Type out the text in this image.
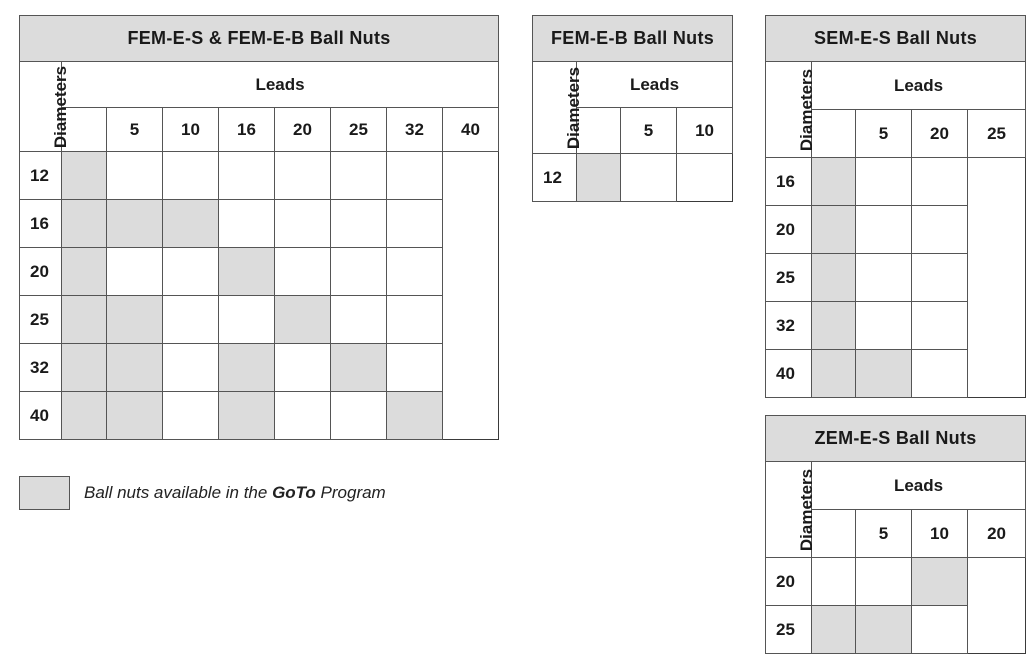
FEM-E-S & FEM-E-B Ball Nuts								
Diameters	Leads							
		5	10	16	20	25	32	40
12								
16								
20								
25								
32								
40								
FEM-E-B Ball Nuts			
Diameters	Leads		
		5	10
12			
SEM-E-S Ball Nuts				
Diameters	Leads			
		5	20	25
16				
20				
25				
32				
40				
ZEM-E-S Ball Nuts				
Diameters	Leads			
		5	10	20
20				
25				
Ball nuts available in the GoTo Program
